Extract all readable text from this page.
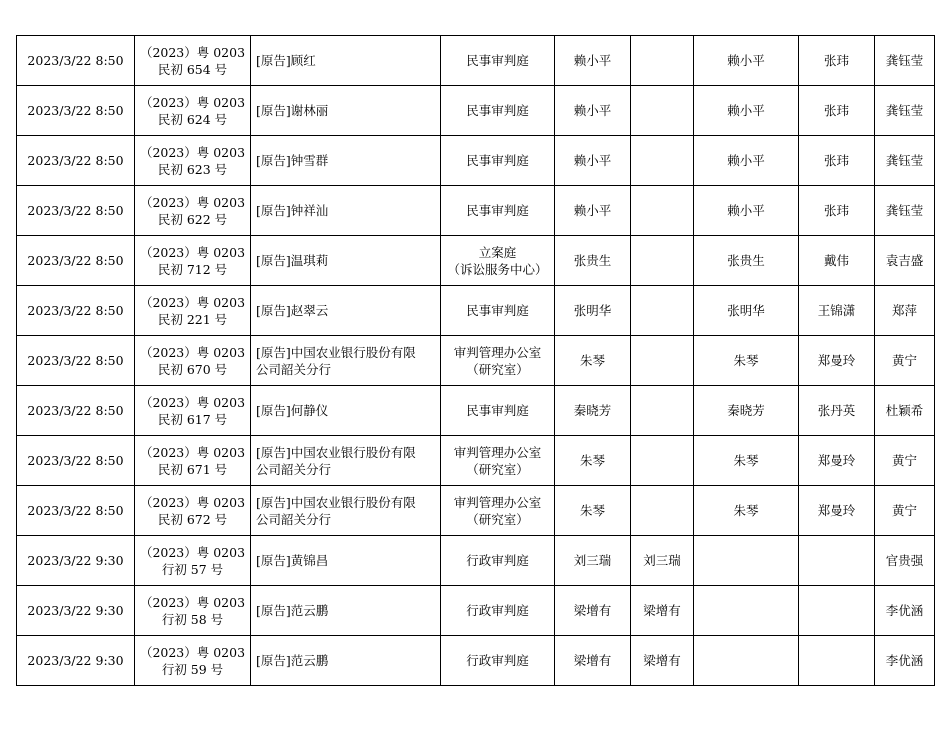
2023/3/22 8:50	（2023）粤 0203
民初 654 号	[原告]顾红	民事审判庭	赖小平		赖小平	张玮	龚钰莹

2023/3/22 8:50	（2023）粤 0203
民初 624 号	[原告]谢林丽	民事审判庭	赖小平		赖小平	张玮	龚钰莹

2023/3/22 8:50	（2023）粤 0203
民初 623 号	[原告]钟雪群	民事审判庭	赖小平		赖小平	张玮	龚钰莹

2023/3/22 8:50	（2023）粤 0203
民初 622 号	[原告]钟祥汕	民事审判庭	赖小平		赖小平	张玮	龚钰莹

2023/3/22 8:50	（2023）粤 0203
民初 712 号	[原告]温琪莉	立案庭
（诉讼服务中心）	张贵生		张贵生	戴伟	袁吉盛

2023/3/22 8:50	（2023）粤 0203
民初 221 号	[原告]赵翠云	民事审判庭	张明华		张明华	王锦潇	郑萍

2023/3/22 8:50	（2023）粤 0203
民初 670 号	[原告]中国农业银行股份有限
公司韶关分行	审判管理办公室
（研究室）	朱琴		朱琴	郑曼玲	黄宁

2023/3/22 8:50	（2023）粤 0203
民初 617 号	[原告]何静仪	民事审判庭	秦晓芳		秦晓芳	张丹英	杜颖希

2023/3/22 8:50	（2023）粤 0203
民初 671 号	[原告]中国农业银行股份有限
公司韶关分行	审判管理办公室
（研究室）	朱琴		朱琴	郑曼玲	黄宁

2023/3/22 8:50	（2023）粤 0203
民初 672 号	[原告]中国农业银行股份有限
公司韶关分行	审判管理办公室
（研究室）	朱琴		朱琴	郑曼玲	黄宁

2023/3/22 9:30	（2023）粤 0203
行初 57 号	[原告]黄锦昌	行政审判庭	刘三瑞	刘三瑞			官贵强

2023/3/22 9:30	（2023）粤 0203
行初 58 号	[原告]范云鹏	行政审判庭	梁增有	梁增有			李优涵

2023/3/22 9:30	（2023）粤 0203
行初 59 号	[原告]范云鹏	行政审判庭	梁增有	梁增有			李优涵
